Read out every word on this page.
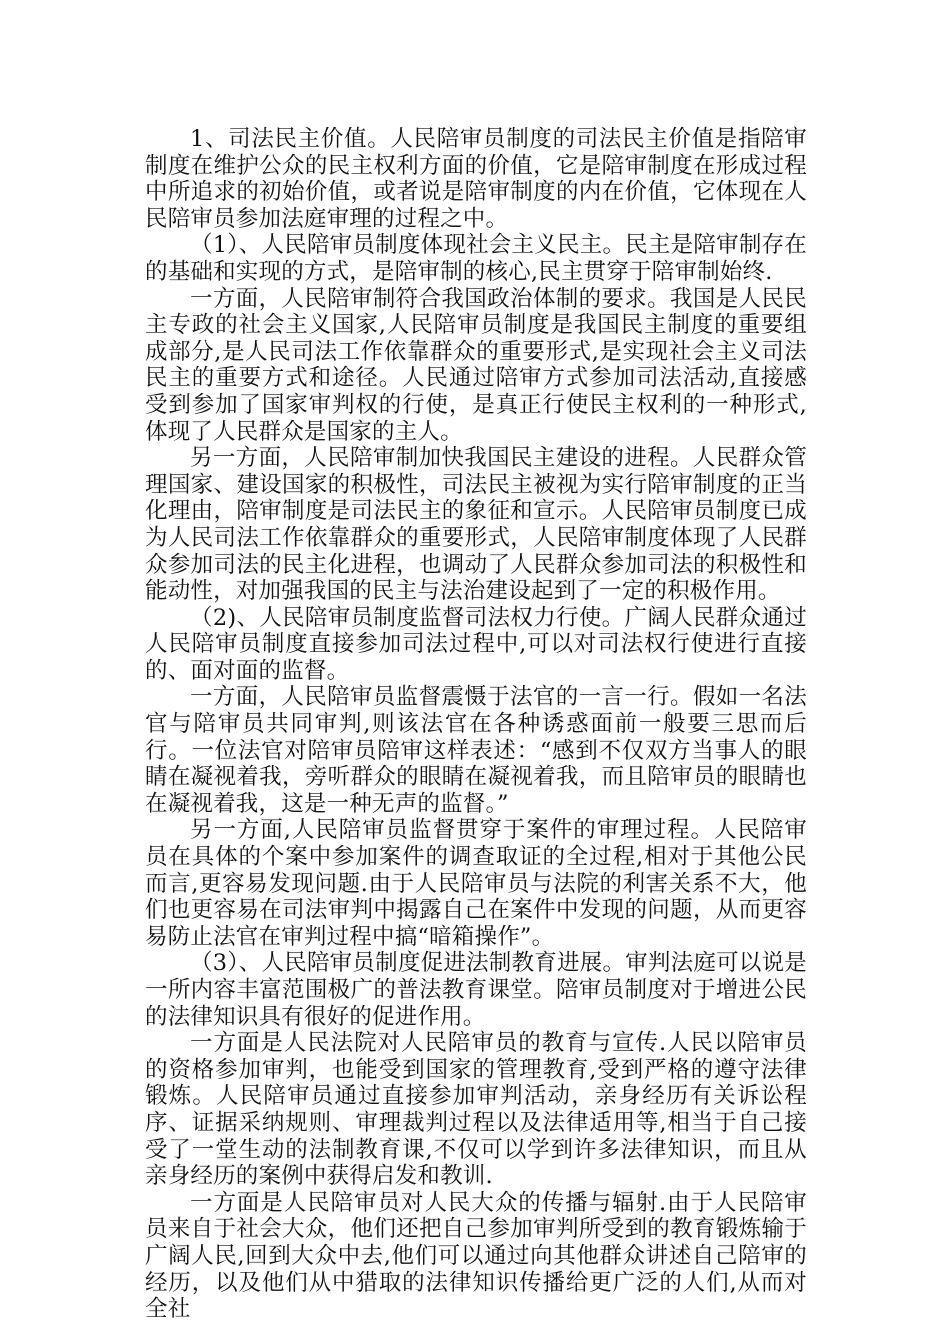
1、司法民主价值。人民陪审员制度的司法民主价值是指陪审制度在维护公众的民主权利方面的价值，它是陪审制度在形成过程中所追求的初始价值，或者说是陪审制度的内在价值，它体现在人民陪审员参加法庭审理的过程之中。

（1）、人民陪审员制度体现社会主义民主。民主是陪审制存在的基础和实现的方式，是陪审制的核心,民主贯穿于陪审制始终.

一方面，人民陪审制符合我国政治体制的要求。我国是人民民主专政的社会主义国家,人民陪审员制度是我国民主制度的重要组成部分,是人民司法工作依靠群众的重要形式,是实现社会主义司法民主的重要方式和途径。人民通过陪审方式参加司法活动,直接感受到参加了国家审判权的行使，是真正行使民主权利的一种形式,体现了人民群众是国家的主人。

另一方面，人民陪审制加快我国民主建设的进程。人民群众管理国家、建设国家的积极性，司法民主被视为实行陪审制度的正当化理由，陪审制度是司法民主的象征和宣示。人民陪审员制度已成为人民司法工作依靠群众的重要形式，人民陪审制度体现了人民群众参加司法的民主化进程，也调动了人民群众参加司法的积极性和能动性，对加强我国的民主与法治建设起到了一定的积极作用。

（2)、人民陪审员制度监督司法权力行使。广阔人民群众通过人民陪审员制度直接参加司法过程中,可以对司法权行使进行直接的、面对面的监督。

一方面，人民陪审员监督震慑于法官的一言一行。假如一名法官与陪审员共同审判,则该法官在各种诱惑面前一般要三思而后行。一位法官对陪审员陪审这样表述：“感到不仅双方当事人的眼睛在凝视着我，旁听群众的眼睛在凝视着我，而且陪审员的眼睛也在凝视着我，这是一种无声的监督。”

另一方面,人民陪审员监督贯穿于案件的审理过程。人民陪审员在具体的个案中参加案件的调查取证的全过程,相对于其他公民而言,更容易发现问题.由于人民陪审员与法院的利害关系不大，他们也更容易在司法审判中揭露自己在案件中发现的问题，从而更容易防止法官在审判过程中搞“暗箱操作”。

（3）、人民陪审员制度促进法制教育进展。审判法庭可以说是一所内容丰富范围极广的普法教育课堂。陪审员制度对于增进公民的法律知识具有很好的促进作用。

一方面是人民法院对人民陪审员的教育与宣传.人民以陪审员的资格参加审判，也能受到国家的管理教育,受到严格的遵守法律锻炼。人民陪审员通过直接参加审判活动，亲身经历有关诉讼程序、证据采纳规则、审理裁判过程以及法律适用等,相当于自己接受了一堂生动的法制教育课,不仅可以学到许多法律知识，而且从亲身经历的案例中获得启发和教训.

一方面是人民陪审员对人民大众的传播与辐射.由于人民陪审员来自于社会大众，他们还把自己参加审判所受到的教育锻炼输于广阔人民,回到大众中去,他们可以通过向其他群众讲述自己陪审的经历，以及他们从中猎取的法律知识传播给更广泛的人们,从而对全社
